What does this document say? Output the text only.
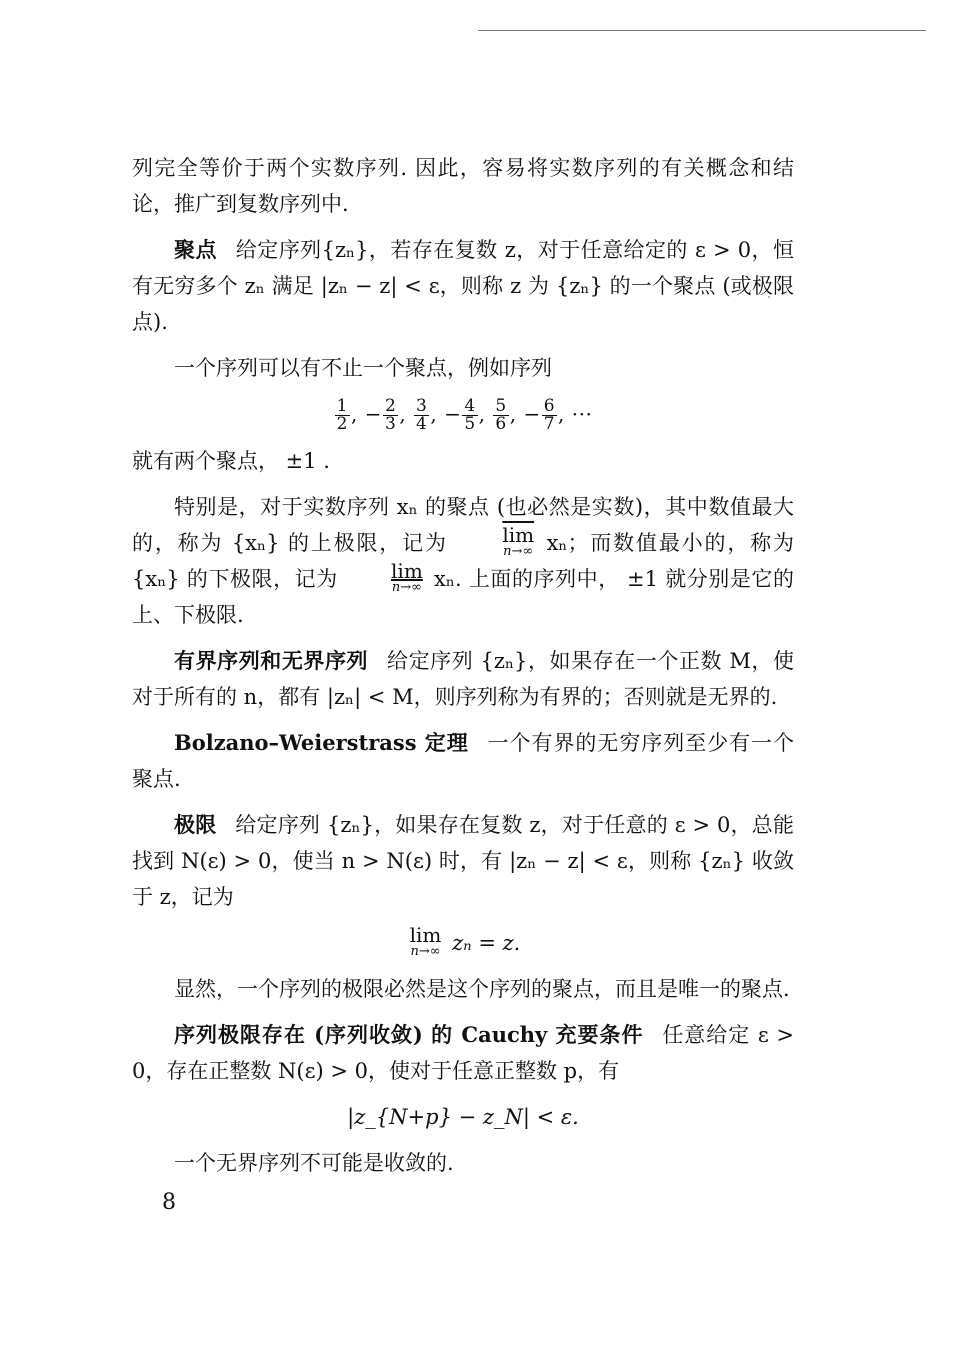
列完全等价于两个实数序列. 因此，容易将实数序列的有关概念和结论，推广到复数序列中.

聚点 给定序列{zₙ}，若存在复数 z，对于任意给定的 ε > 0，恒有无穷多个 zₙ 满足 |zₙ − z| < ε，则称 z 为 {zₙ} 的一个聚点 (或极限点).

一个序列可以有不止一个聚点，例如序列

$\frac{1}{2}$ , − $\frac{2}{3}$ , $\frac{3}{4}$ , − $\frac{4}{5}$ , $\frac{5}{6}$ , − $\frac{6}{7}$ , ···

就有两个聚点， ±1 .

特别是，对于实数序列 xₙ 的聚点 (也必然是实数)，其中数值最大的，称为 {xₙ} 的上极限，记为	$\overline{lim}$
n→∞ xₙ；而数值最小的，称为 {xₙ} 的下极限，记为	lim
n→∞ xₙ. 上面的序列中， ±1 就分别是它的上、下极限.

有界序列和无界序列 给定序列 {zₙ}，如果存在一个正数 M，使对于所有的 n，都有 |zₙ| < M，则序列称为有界的；否则就是无界的.

Bolzano–Weierstrass 定理 一个有界的无穷序列至少有一个聚点.

极限 给定序列 {zₙ}，如果存在复数 z，对于任意的 ε > 0，总能找到 N(ε) > 0，使当 n > N(ε) 时，有 |zₙ − z| < ε，则称 {zₙ} 收敛于 z，记为

lim
n→∞ zₙ = z.

显然，一个序列的极限必然是这个序列的聚点，而且是唯一的聚点.

序列极限存在 (序列收敛) 的 Cauchy 充要条件 任意给定 ε > 0，存在正整数 N(ε) > 0，使对于任意正整数 p，有

|z_{N+p} − z_N| < ε.

一个无界序列不可能是收敛的.

8
